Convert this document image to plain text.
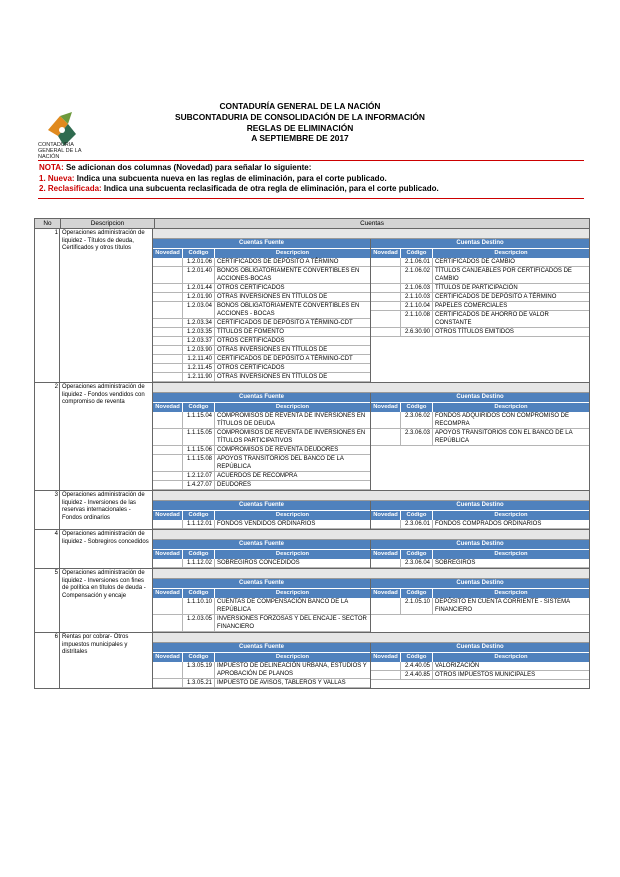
CONTADURIA GENERAL DE LA NACIÓN
CONTADURÍA GENERAL DE LA NACIÓN
SUBCONTADURIA DE CONSOLIDACIÓN DE LA INFORMACIÓN
REGLAS DE ELIMINACIÓN
A SEPTIEMBRE DE 2017
NOTA: Se adicionan dos columnas (Novedad) para señalar lo siguiente:
1. Nueva: Indica una subcuenta nueva en las reglas de eliminación, para el corte publicado.
2. Reclasificada: Indica una subcuenta reclasificada de otra regla de eliminación, para el corte publicado.
No	Descripcion	Cuentas
1 Operaciones administración de liquidez - Títulos de deuda, Certificados y otros títulos
Cuentas Fuente
Novedad	Código	Descripcion
1.2.01.06 CERTIFICADOS DE DEPÓSITO A TÉRMINO
1.2.01.40 BONOS OBLIGATORIAMENTE CONVERTIBLES EN ACCIONES-BOCAS
1.2.01.44 OTROS CERTIFICADOS
1.2.01.90 OTRAS INVERSIONES EN TÍTULOS DE
1.2.03.04 BONOS OBLIGATORIAMENTE CONVERTIBLES EN ACCIONES - BOCAS
1.2.03.34 CERTIFICADOS DE DEPÓSITO A TÉRMINO-CDT
1.2.03.35 TÍTULOS DE FOMENTO
1.2.03.37 OTROS CERTIFICADOS
1.2.03.90 OTRAS INVERSIONES EN TÍTULOS DE
1.2.11.40 CERTIFICADOS DE DEPÓSITO A TÉRMINO-CDT
1.2.11.45 OTROS CERTIFICADOS
1.2.11.90 OTRAS INVERSIONES EN TÍTULOS DE
Cuentas Destino
Novedad	Código	Descripcion
2.1.06.01 CERTIFICADOS DE CAMBIO
2.1.06.02 TÍTULOS CANJEABLES POR CERTIFICADOS DE CAMBIO
2.1.06.03 TÍTULOS DE PARTICIPACIÓN
2.1.10.03 CERTIFICADOS DE DEPÓSITO A TÉRMINO
2.1.10.04 PAPELES COMERCIALES
2.1.10.08 CERTIFICADOS DE AHORRO DE VALOR CONSTANTE
2.6.30.90 OTROS TÍTULOS EMITIDOS
2 Operaciones administración de liquidez - Fondos vendidos con compromiso de reventa
Cuentas Fuente
Novedad	Código	Descripcion
1.1.15.04 COMPROMISOS DE REVENTA DE INVERSIONES EN TÍTULOS DE DEUDA
1.1.15.05 COMPROMISOS DE REVENTA DE INVERSIONES EN TÍTULOS PARTICIPATIVOS
1.1.15.06 COMPROMISOS DE REVENTA DEUDORES
1.1.15.08 APOYOS TRANSITORIOS DEL BANCO DE LA REPÚBLICA
1.2.12.07 ACUERDOS DE RECOMPRA
1.4.27.07 DEUDORES
Cuentas Destino
Novedad	Código	Descripcion
2.3.06.02 FONDOS ADQUIRIDOS CON COMPROMISO DE RECOMPRA
2.3.06.03 APOYOS TRANSITORIOS CON EL BANCO DE LA REPÚBLICA
3 Operaciones administración de liquidez - Inversiones de las reservas internacionales - Fondos ordinarios
Cuentas Fuente
Novedad	Código	Descripcion
1.1.12.01 FONDOS VENDIDOS ORDINARIOS
Cuentas Destino
Novedad	Código	Descripcion
2.3.06.01 FONDOS COMPRADOS ORDINARIOS
4 Operaciones administración de liquidez - Sobregiros concedidos	Cuentas Fuente
Novedad	Código	Descripcion
1.1.12.02 SOBREGIROS CONCEDIDOS
Cuentas Destino
Novedad	Código	Descripcion
2.3.06.04 SOBREGIROS
5 Operaciones administración de liquidez - Inversiones con fines de política en títulos de deuda - Compensación y encaje
Cuentas Fuente
Novedad	Código	Descripcion
1.1.10.10 CUENTAS DE COMPENSACIÓN BANCO DE LA REPÚBLICA
1.2.03.05 INVERSIONES FORZOSAS Y DEL ENCAJE - SECTOR FINANCIERO
Cuentas Destino
Novedad	Código	Descripcion
2.1.05.10 DEPÓSITO EN CUENTA CORRIENTE - SISTEMA FINANCIERO
6 Rentas por cobrar- Otros impuestos municipales y distritales
Cuentas Fuente
Novedad	Código	Descripcion
1.3.05.19 IMPUESTO DE DELINEACIÓN URBANA, ESTUDIOS Y APROBACIÓN DE PLANOS
1.3.05.21 IMPUESTO DE AVISOS, TABLEROS Y VALLAS
Cuentas Destino
Novedad	Código	Descripcion
2.4.40.05 VALORIZACIÓN
2.4.40.85 OTROS IMPUESTOS MUNICIPALES
